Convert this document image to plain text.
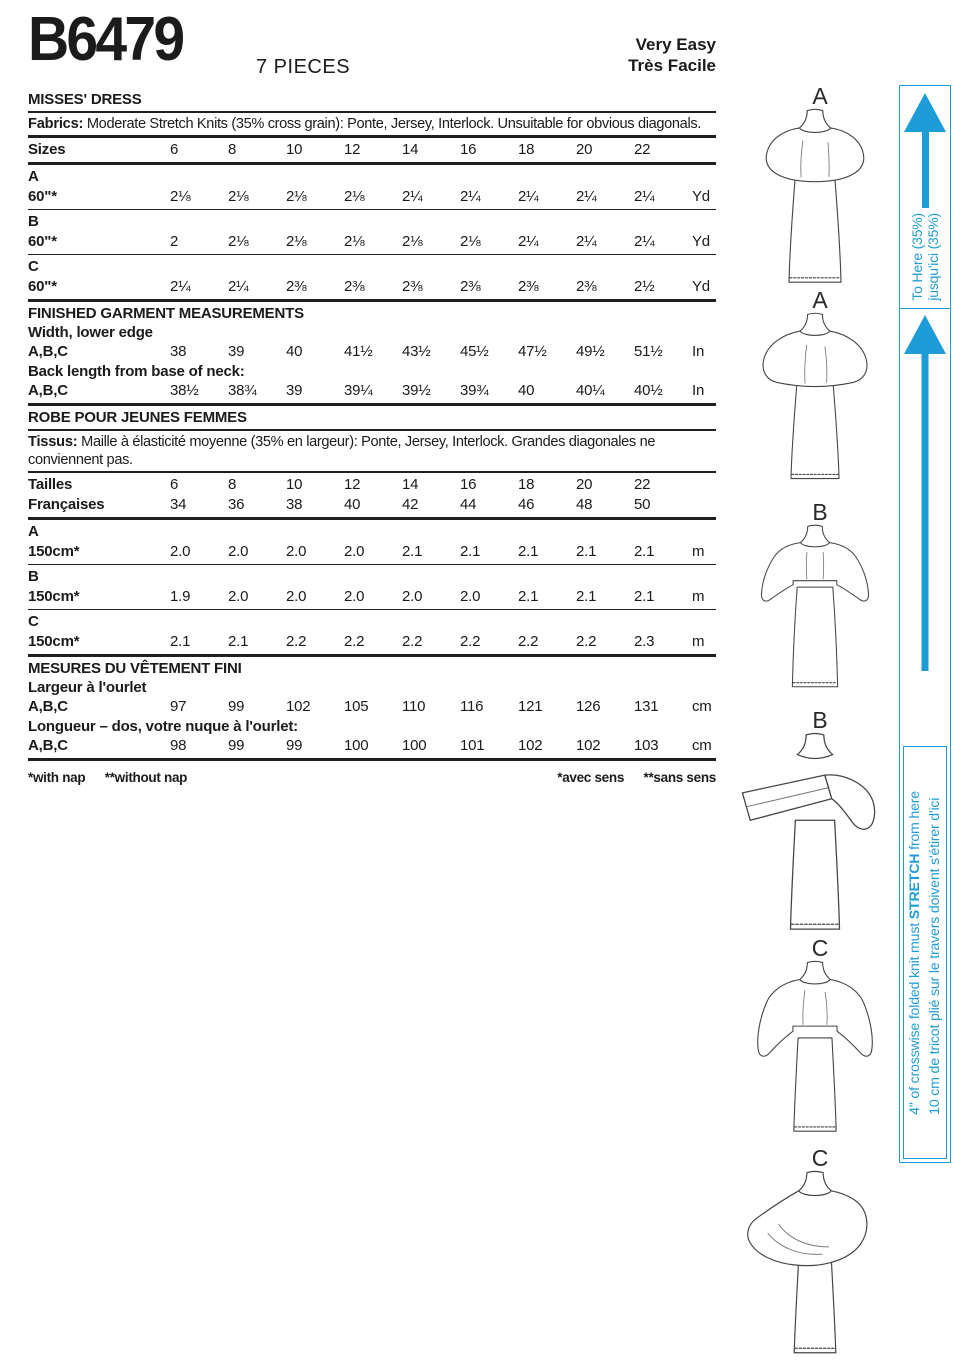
B6479	7 PIECES
Very Easy
Très Facile
MISSES' DRESS

Fabrics: Moderate Stretch Knits (35% cross grain): Ponte, Jersey, Interlock. Unsuitable for obvious diagonals.

Sizes	6	8	10	12	14	16	18	20	22
A
60"*	2⅛	2⅛	2⅛	2⅛	2¼	2¼	2¼	2¼	2¼	Yd
B
60"*	2	2⅛	2⅛	2⅛	2⅛	2⅛	2¼	2¼	2¼	Yd
C
60"*	2¼	2¼	2⅜	2⅜	2⅜	2⅜	2⅜	2⅜	2½	Yd
FINISHED GARMENT MEASUREMENTS
Width, lower edge
A,B,C	38	39	40	41½	43½	45½	47½	49½	51½	In
Back length from base of neck:
A,B,C	38½	38¾	39	39¼	39½	39¾	40	40¼	40½	In
ROBE POUR JEUNES FEMMES

Tissus: Maille à élasticité moyenne (35% en largeur): Ponte, Jersey, Interlock. Grandes diagonales ne conviennent pas.

Tailles	6	8	10	12	14	16	18	20	22
Françaises	34	36	38	40	42	44	46	48	50
A
150cm*	2.0	2.0	2.0	2.0	2.1	2.1	2.1	2.1	2.1	m
B
150cm*	1.9	2.0	2.0	2.0	2.0	2.0	2.1	2.1	2.1	m
C
150cm*	2.1	2.1	2.2	2.2	2.2	2.2	2.2	2.2	2.3	m
MESURES DU VÊTEMENT FINI
Largeur à l'ourlet
A,B,C	97	99	102	105	110	116	121	126	131	cm
Longueur – dos, votre nuque à l'ourlet:
A,B,C	98	99	99	100	100	101	102	102	103	cm
*with nap **without nap	*avec sens **sans sens
A
A
B
B
C
C
To Here (35%) jusqu'ici (35%)
4" of crosswise folded knit must STRETCH from here 10 cm de tricot plié sur le travers doivent s'étirer d'ici
